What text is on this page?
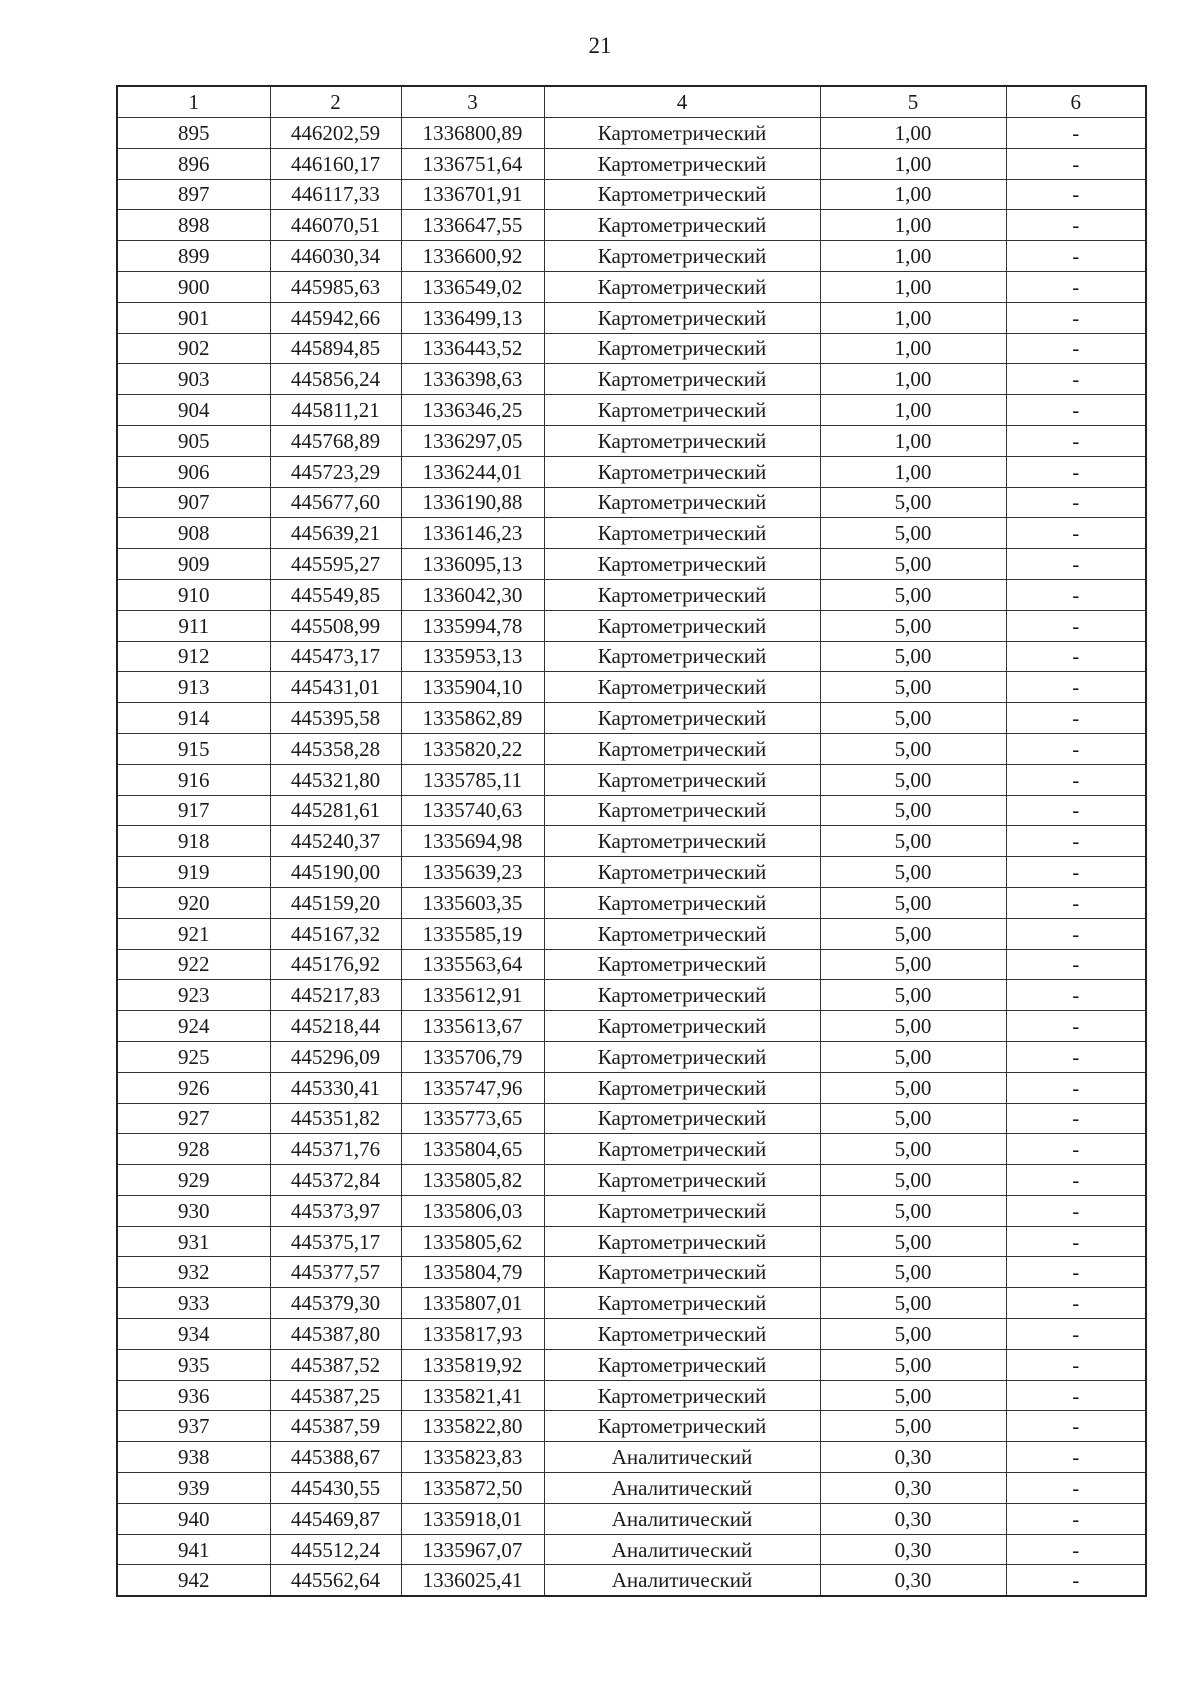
21
1	2	3	4	5	6
895	446202,59	1336800,89	Картометрический	1,00	-
896	446160,17	1336751,64	Картометрический	1,00	-
897	446117,33	1336701,91	Картометрический	1,00	-
898	446070,51	1336647,55	Картометрический	1,00	-
899	446030,34	1336600,92	Картометрический	1,00	-
900	445985,63	1336549,02	Картометрический	1,00	-
901	445942,66	1336499,13	Картометрический	1,00	-
902	445894,85	1336443,52	Картометрический	1,00	-
903	445856,24	1336398,63	Картометрический	1,00	-
904	445811,21	1336346,25	Картометрический	1,00	-
905	445768,89	1336297,05	Картометрический	1,00	-
906	445723,29	1336244,01	Картометрический	1,00	-
907	445677,60	1336190,88	Картометрический	5,00	-
908	445639,21	1336146,23	Картометрический	5,00	-
909	445595,27	1336095,13	Картометрический	5,00	-
910	445549,85	1336042,30	Картометрический	5,00	-
911	445508,99	1335994,78	Картометрический	5,00	-
912	445473,17	1335953,13	Картометрический	5,00	-
913	445431,01	1335904,10	Картометрический	5,00	-
914	445395,58	1335862,89	Картометрический	5,00	-
915	445358,28	1335820,22	Картометрический	5,00	-
916	445321,80	1335785,11	Картометрический	5,00	-
917	445281,61	1335740,63	Картометрический	5,00	-
918	445240,37	1335694,98	Картометрический	5,00	-
919	445190,00	1335639,23	Картометрический	5,00	-
920	445159,20	1335603,35	Картометрический	5,00	-
921	445167,32	1335585,19	Картометрический	5,00	-
922	445176,92	1335563,64	Картометрический	5,00	-
923	445217,83	1335612,91	Картометрический	5,00	-
924	445218,44	1335613,67	Картометрический	5,00	-
925	445296,09	1335706,79	Картометрический	5,00	-
926	445330,41	1335747,96	Картометрический	5,00	-
927	445351,82	1335773,65	Картометрический	5,00	-
928	445371,76	1335804,65	Картометрический	5,00	-
929	445372,84	1335805,82	Картометрический	5,00	-
930	445373,97	1335806,03	Картометрический	5,00	-
931	445375,17	1335805,62	Картометрический	5,00	-
932	445377,57	1335804,79	Картометрический	5,00	-
933	445379,30	1335807,01	Картометрический	5,00	-
934	445387,80	1335817,93	Картометрический	5,00	-
935	445387,52	1335819,92	Картометрический	5,00	-
936	445387,25	1335821,41	Картометрический	5,00	-
937	445387,59	1335822,80	Картометрический	5,00	-
938	445388,67	1335823,83	Аналитический	0,30	-
939	445430,55	1335872,50	Аналитический	0,30	-
940	445469,87	1335918,01	Аналитический	0,30	-
941	445512,24	1335967,07	Аналитический	0,30	-
942	445562,64	1336025,41	Аналитический	0,30	-
